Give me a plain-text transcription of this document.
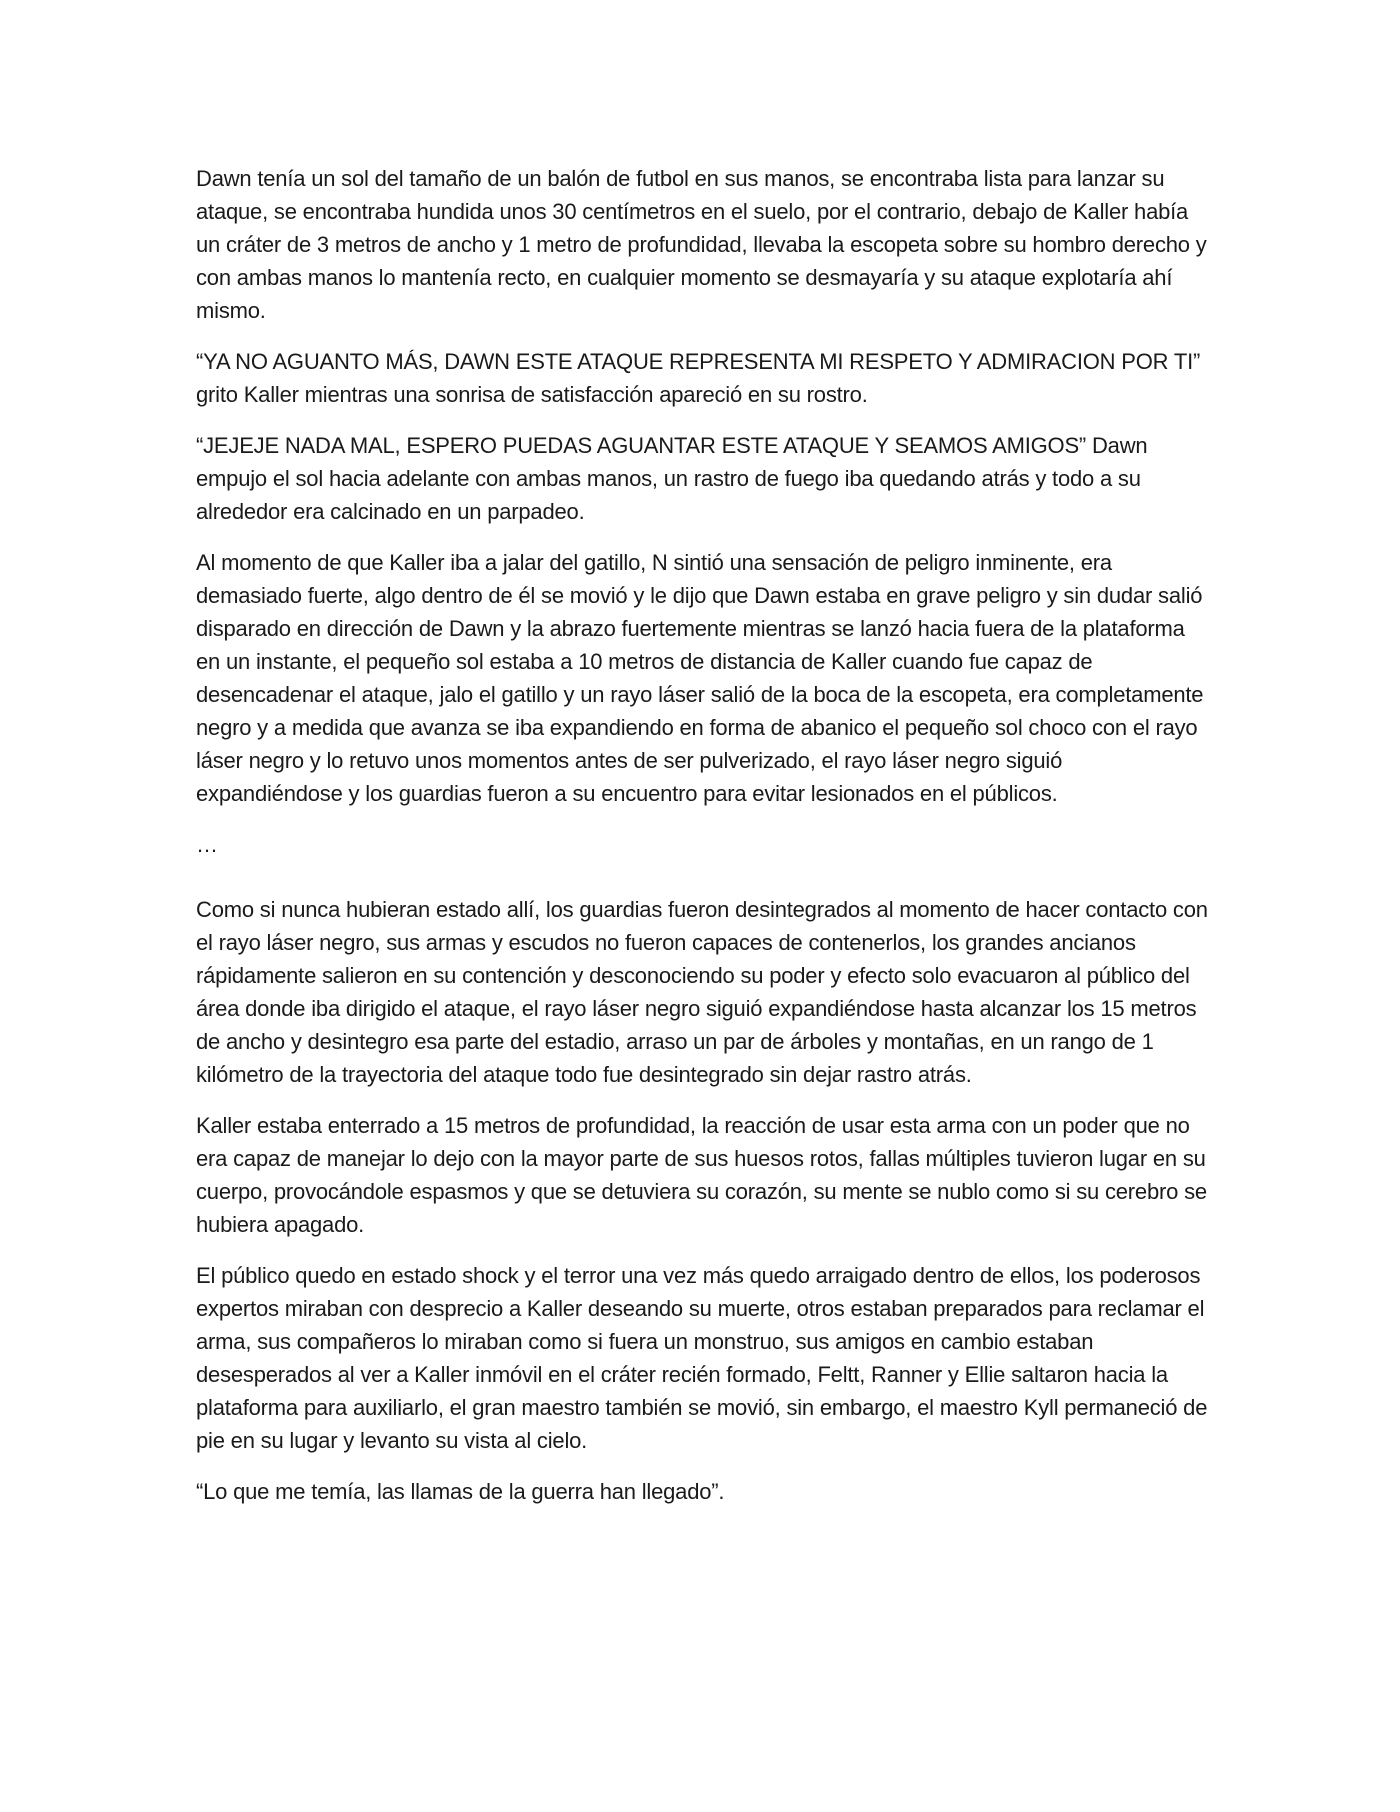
Dawn tenía un sol del tamaño de un balón de futbol en sus manos, se encontraba lista para lanzar su ataque, se encontraba hundida unos 30 centímetros en el suelo, por el contrario, debajo de Kaller había un cráter de 3 metros de ancho y 1 metro de profundidad, llevaba la escopeta sobre su hombro derecho y con ambas manos lo mantenía recto, en cualquier momento se desmayaría y su ataque explotaría ahí mismo.

“YA NO AGUANTO MÁS, DAWN ESTE ATAQUE REPRESENTA MI RESPETO Y ADMIRACION POR TI” grito Kaller mientras una sonrisa de satisfacción apareció en su rostro.

“JEJEJE NADA MAL, ESPERO PUEDAS AGUANTAR ESTE ATAQUE Y SEAMOS AMIGOS” Dawn empujo el sol hacia adelante con ambas manos, un rastro de fuego iba quedando atrás y todo a su alrededor era calcinado en un parpadeo.

Al momento de que Kaller iba a jalar del gatillo, N sintió una sensación de peligro inminente, era demasiado fuerte, algo dentro de él se movió y le dijo que Dawn estaba en grave peligro y sin dudar salió disparado en dirección de Dawn y la abrazo fuertemente mientras se lanzó hacia fuera de la plataforma en un instante, el pequeño sol estaba a 10 metros de distancia de Kaller cuando fue capaz de desencadenar el ataque, jalo el gatillo y un rayo láser salió de la boca de la escopeta, era completamente negro y a medida que avanza se iba expandiendo en forma de abanico el pequeño sol choco con el rayo láser negro y lo retuvo unos momentos antes de ser pulverizado, el rayo láser negro siguió expandiéndose y los guardias fueron a su encuentro para evitar lesionados en el públicos.

…

Como si nunca hubieran estado allí, los guardias fueron desintegrados al momento de hacer contacto con el rayo láser negro, sus armas y escudos no fueron capaces de contenerlos, los grandes ancianos rápidamente salieron en su contención y desconociendo su poder y efecto solo evacuaron al público del área donde iba dirigido el ataque, el rayo láser negro siguió expandiéndose hasta alcanzar los 15 metros de ancho y desintegro esa parte del estadio, arraso un par de árboles y montañas, en un rango de 1 kilómetro de la trayectoria del ataque todo fue desintegrado sin dejar rastro atrás.

Kaller estaba enterrado a 15 metros de profundidad, la reacción de usar esta arma con un poder que no era capaz de manejar lo dejo con la mayor parte de sus huesos rotos, fallas múltiples tuvieron lugar en su cuerpo, provocándole espasmos y que se detuviera su corazón, su mente se nublo como si su cerebro se hubiera apagado.

El público quedo en estado shock y el terror una vez más quedo arraigado dentro de ellos, los poderosos expertos miraban con desprecio a Kaller deseando su muerte, otros estaban preparados para reclamar el arma, sus compañeros lo miraban como si fuera un monstruo, sus amigos en cambio estaban desesperados al ver a Kaller inmóvil en el cráter recién formado, Feltt, Ranner y Ellie saltaron hacia la plataforma para auxiliarlo, el gran maestro también se movió, sin embargo, el maestro Kyll permaneció de pie en su lugar y levanto su vista al cielo.

“Lo que me temía, las llamas de la guerra han llegado”.
